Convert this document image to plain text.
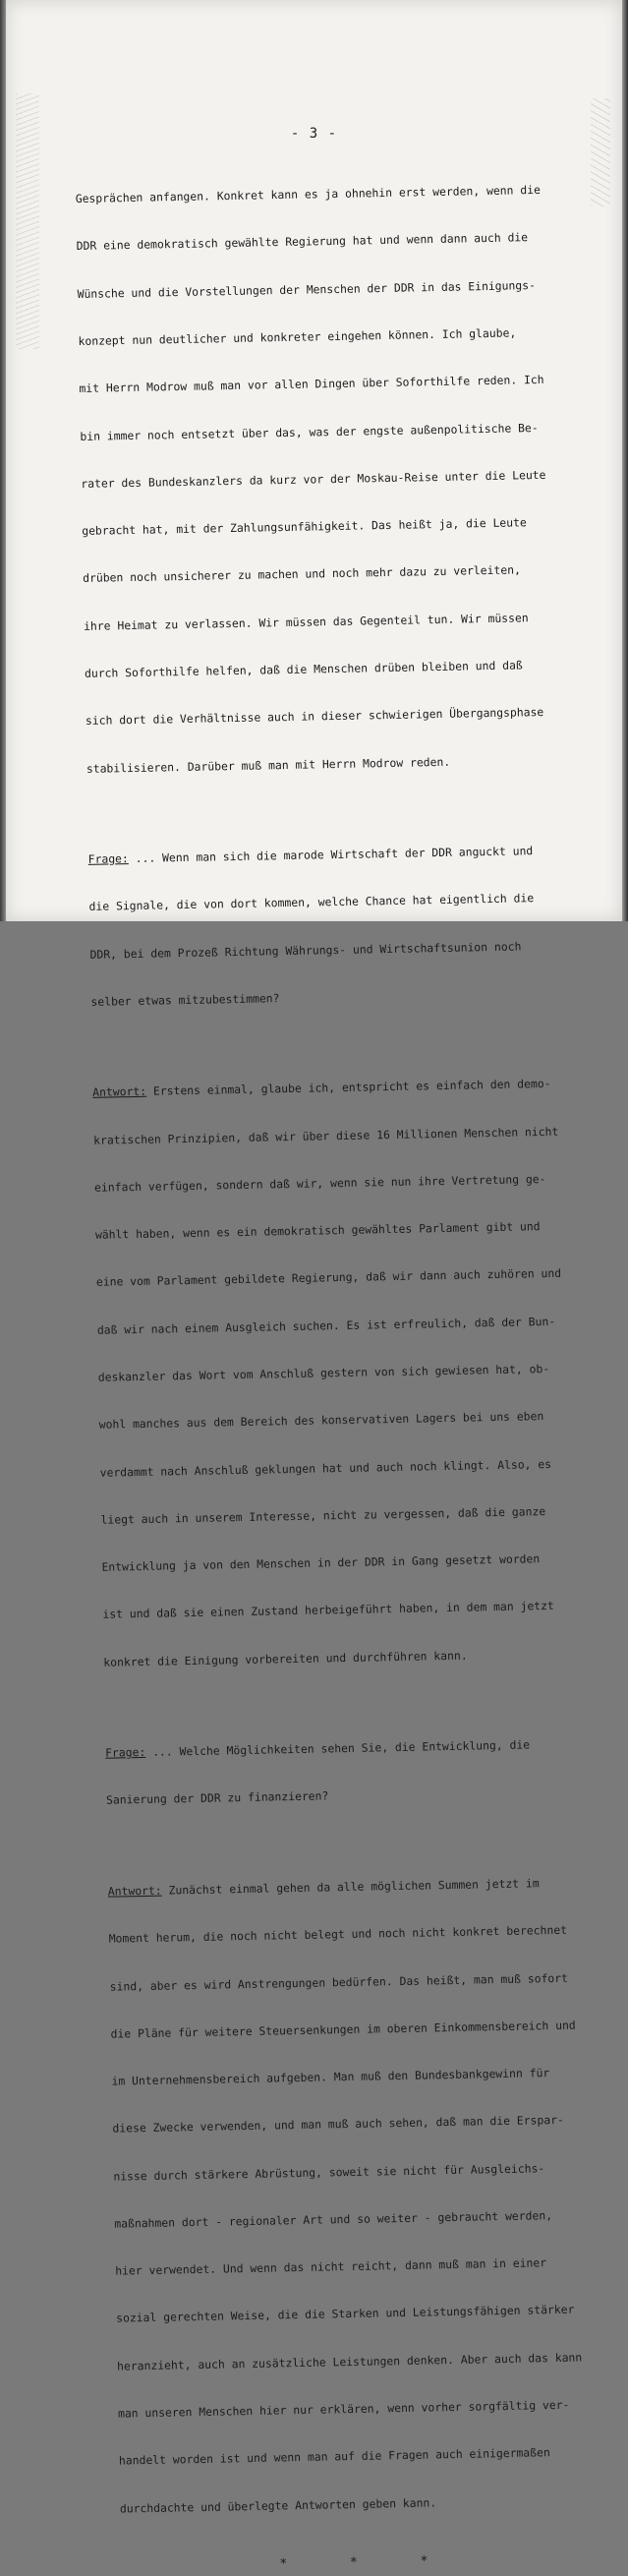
- 3 -

Gesprächen anfangen. Konkret kann es ja ohnehin erst werden, wenn die

DDR eine demokratisch gewählte Regierung hat und wenn dann auch die

Wünsche und die Vorstellungen der Menschen der DDR in das Einigungs-

konzept nun deutlicher und konkreter eingehen können. Ich glaube,

mit Herrn Modrow muß man vor allen Dingen über Soforthilfe reden. Ich

bin immer noch entsetzt über das, was der engste außenpolitische Be-

rater des Bundeskanzlers da kurz vor der Moskau-Reise unter die Leute

gebracht hat, mit der Zahlungsunfähigkeit. Das heißt ja, die Leute

drüben noch unsicherer zu machen und noch mehr dazu zu verleiten,

ihre Heimat zu verlassen. Wir müssen das Gegenteil tun. Wir müssen

durch Soforthilfe helfen, daß die Menschen drüben bleiben und daß

sich dort die Verhältnisse auch in dieser schwierigen Übergangsphase

stabilisieren. Darüber muß man mit Herrn Modrow reden.

Frage: ... Wenn man sich die marode Wirtschaft der DDR anguckt und

die Signale, die von dort kommen, welche Chance hat eigentlich die

DDR, bei dem Prozeß Richtung Währungs- und Wirtschaftsunion noch

selber etwas mitzubestimmen?

Antwort: Erstens einmal, glaube ich, entspricht es einfach den demo-

kratischen Prinzipien, daß wir über diese 16 Millionen Menschen nicht

einfach verfügen, sondern daß wir, wenn sie nun ihre Vertretung ge-

wählt haben, wenn es ein demokratisch gewähltes Parlament gibt und

eine vom Parlament gebildete Regierung, daß wir dann auch zuhören und

daß wir nach einem Ausgleich suchen. Es ist erfreulich, daß der Bun-

deskanzler das Wort vom Anschluß gestern von sich gewiesen hat, ob-

wohl manches aus dem Bereich des konservativen Lagers bei uns eben

verdammt nach Anschluß geklungen hat und auch noch klingt. Also, es

liegt auch in unserem Interesse, nicht zu vergessen, daß die ganze

Entwicklung ja von den Menschen in der DDR in Gang gesetzt worden

ist und daß sie einen Zustand herbeigeführt haben, in dem man jetzt

konkret die Einigung vorbereiten und durchführen kann.

Frage: ... Welche Möglichkeiten sehen Sie, die Entwicklung, die

Sanierung der DDR zu finanzieren?

Antwort: Zunächst einmal gehen da alle möglichen Summen jetzt im

Moment herum, die noch nicht belegt und noch nicht konkret berechnet

sind, aber es wird Anstrengungen bedürfen. Das heißt, man muß sofort

die Pläne für weitere Steuersenkungen im oberen Einkommensbereich und

im Unternehmensbereich aufgeben. Man muß den Bundesbankgewinn für

diese Zwecke verwenden, und man muß auch sehen, daß man die Erspar-

nisse durch stärkere Abrüstung, soweit sie nicht für Ausgleichs-

maßnahmen dort - regionaler Art und so weiter - gebraucht werden,

hier verwendet. Und wenn das nicht reicht, dann muß man in einer

sozial gerechten Weise, die die Starken und Leistungsfähigen stärker

heranzieht, auch an zusätzliche Leistungen denken. Aber auch das kann

man unseren Menschen hier nur erklären, wenn vorher sorgfältig ver-

handelt worden ist und wenn man auf die Fragen auch einigermaßen

durchdachte und überlegte Antworten geben kann.

* * *
